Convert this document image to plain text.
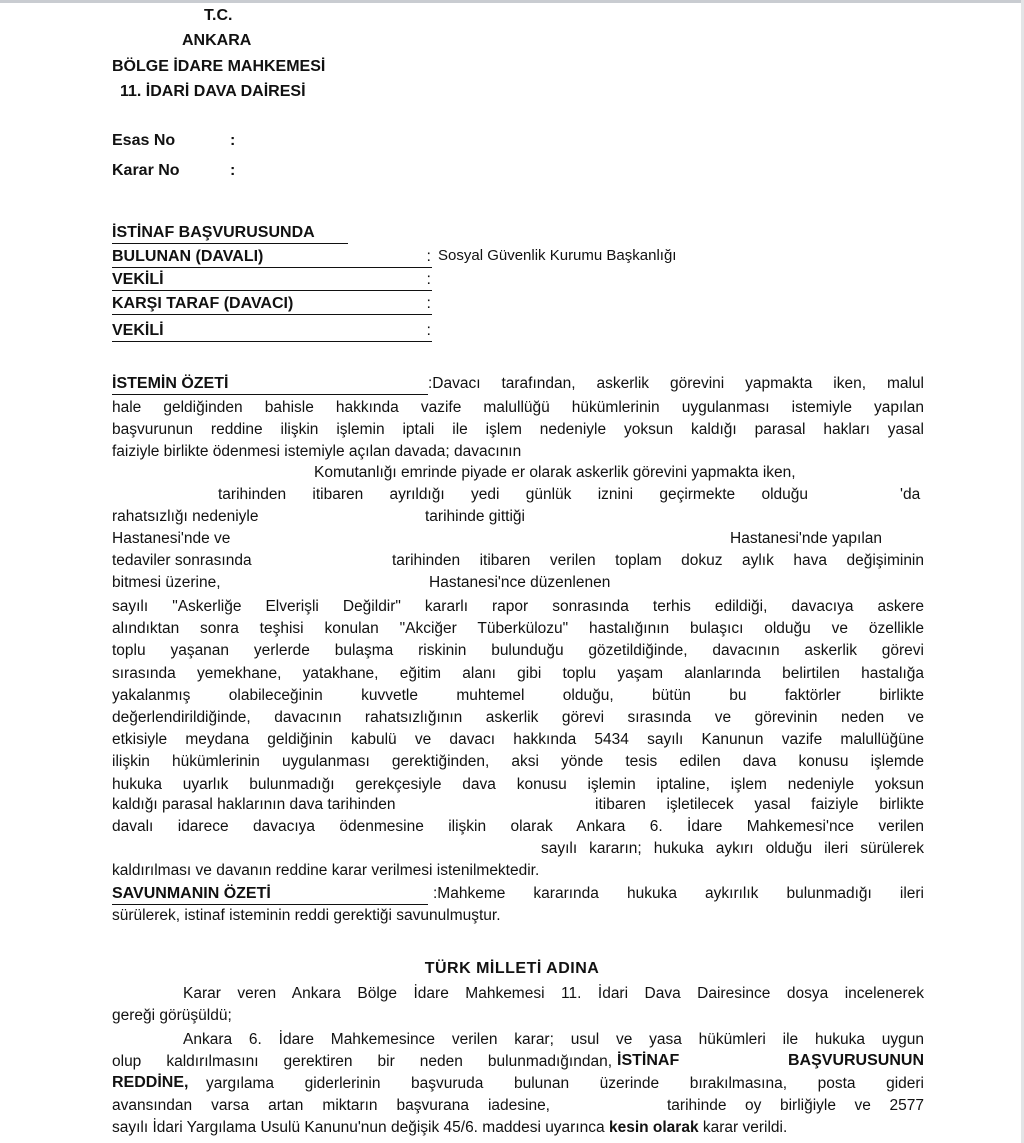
T.C.
ANKARA
BÖLGE İDARE MAHKEMESİ
11. İDARİ DAVA DAİRESİ
Esas No	:
Karar No	:
İSTİNAF BAŞVURUSUNDA
BULUNAN (DAVALI)	: Sosyal Güvenlik Kurumu Başkanlığı
VEKİLİ	:
KARŞI TARAF (DAVACI)	:
VEKİLİ	:
İSTEMİN ÖZETİ	:Davacı tarafından, askerlik görevini yapmakta iken, malul
hale geldiğinden bahisle hakkında vazife malullüğü hükümlerinin uygulanması istemiyle yapılan
başvurunun reddine ilişkin işlemin iptali ile işlem nedeniyle yoksun kaldığı parasal hakları yasal
faiziyle birlikte ödenmesi istemiyle açılan davada; davacının
Komutanlığı emrinde piyade er olarak askerlik görevini yapmakta iken,
tarihinden itibaren ayrıldığı yedi günlük iznini geçirmekte olduğu	'da
rahatsızlığı nedeniyle	tarihinde gittiği
Hastanesi'nde ve	Hastanesi'nde yapılan
tedaviler sonrasında	tarihinden itibaren verilen toplam dokuz aylık hava değişiminin
bitmesi üzerine,	Hastanesi'nce düzenlenen
sayılı "Askerliğe Elverişli Değildir" kararlı rapor sonrasında terhis edildiği, davacıya askere
alındıktan sonra teşhisi konulan "Akciğer Tüberkülozu" hastalığının bulaşıcı olduğu ve özellikle
toplu yaşanan yerlerde bulaşma riskinin bulunduğu gözetildiğinde, davacının askerlik görevi
sırasında yemekhane, yatakhane, eğitim alanı gibi toplu yaşam alanlarında belirtilen hastalığa
yakalanmış olabileceğinin kuvvetle muhtemel olduğu, bütün bu faktörler birlikte
değerlendirildiğinde, davacının rahatsızlığının askerlik görevi sırasında ve görevinin neden ve
etkisiyle meydana geldiğinin kabulü ve davacı hakkında 5434 sayılı Kanunun vazife malullüğüne
ilişkin hükümlerinin uygulanması gerektiğinden, aksi yönde tesis edilen dava konusu işlemde
hukuka uyarlık bulunmadığı gerekçesiyle dava konusu işlemin iptaline, işlem nedeniyle yoksun
kaldığı parasal haklarının dava tarihinden	itibaren işletilecek yasal faiziyle birlikte
davalı idarece davacıya ödenmesine ilişkin olarak Ankara 6. İdare Mahkemesi'nce verilen
sayılı kararın; hukuka aykırı olduğu ileri sürülerek
kaldırılması ve davanın reddine karar verilmesi istenilmektedir.
SAVUNMANIN ÖZETİ	:Mahkeme kararında hukuka aykırılık bulunmadığı ileri
sürülerek, istinaf isteminin reddi gerektiği savunulmuştur.
TÜRK MİLLETİ ADINA
Karar veren Ankara Bölge İdare Mahkemesi 11. İdari Dava Dairesince dosya incelenerek
gereği görüşüldü;
Ankara 6. İdare Mahkemesince verilen karar; usul ve yasa hükümleri ile hukuka uygun
olup kaldırılmasını gerektiren bir neden bulunmadığından, İSTİNAF BAŞVURUSUNUN
REDDİNE, yargılama giderlerinin başvuruda bulunan üzerinde bırakılmasına, posta gideri
avansından varsa artan miktarın başvurana iadesine,	tarihinde oy birliğiyle ve 2577
sayılı İdari Yargılama Usulü Kanunu'nun değişik 45/6. maddesi uyarınca kesin olarak karar verildi.
